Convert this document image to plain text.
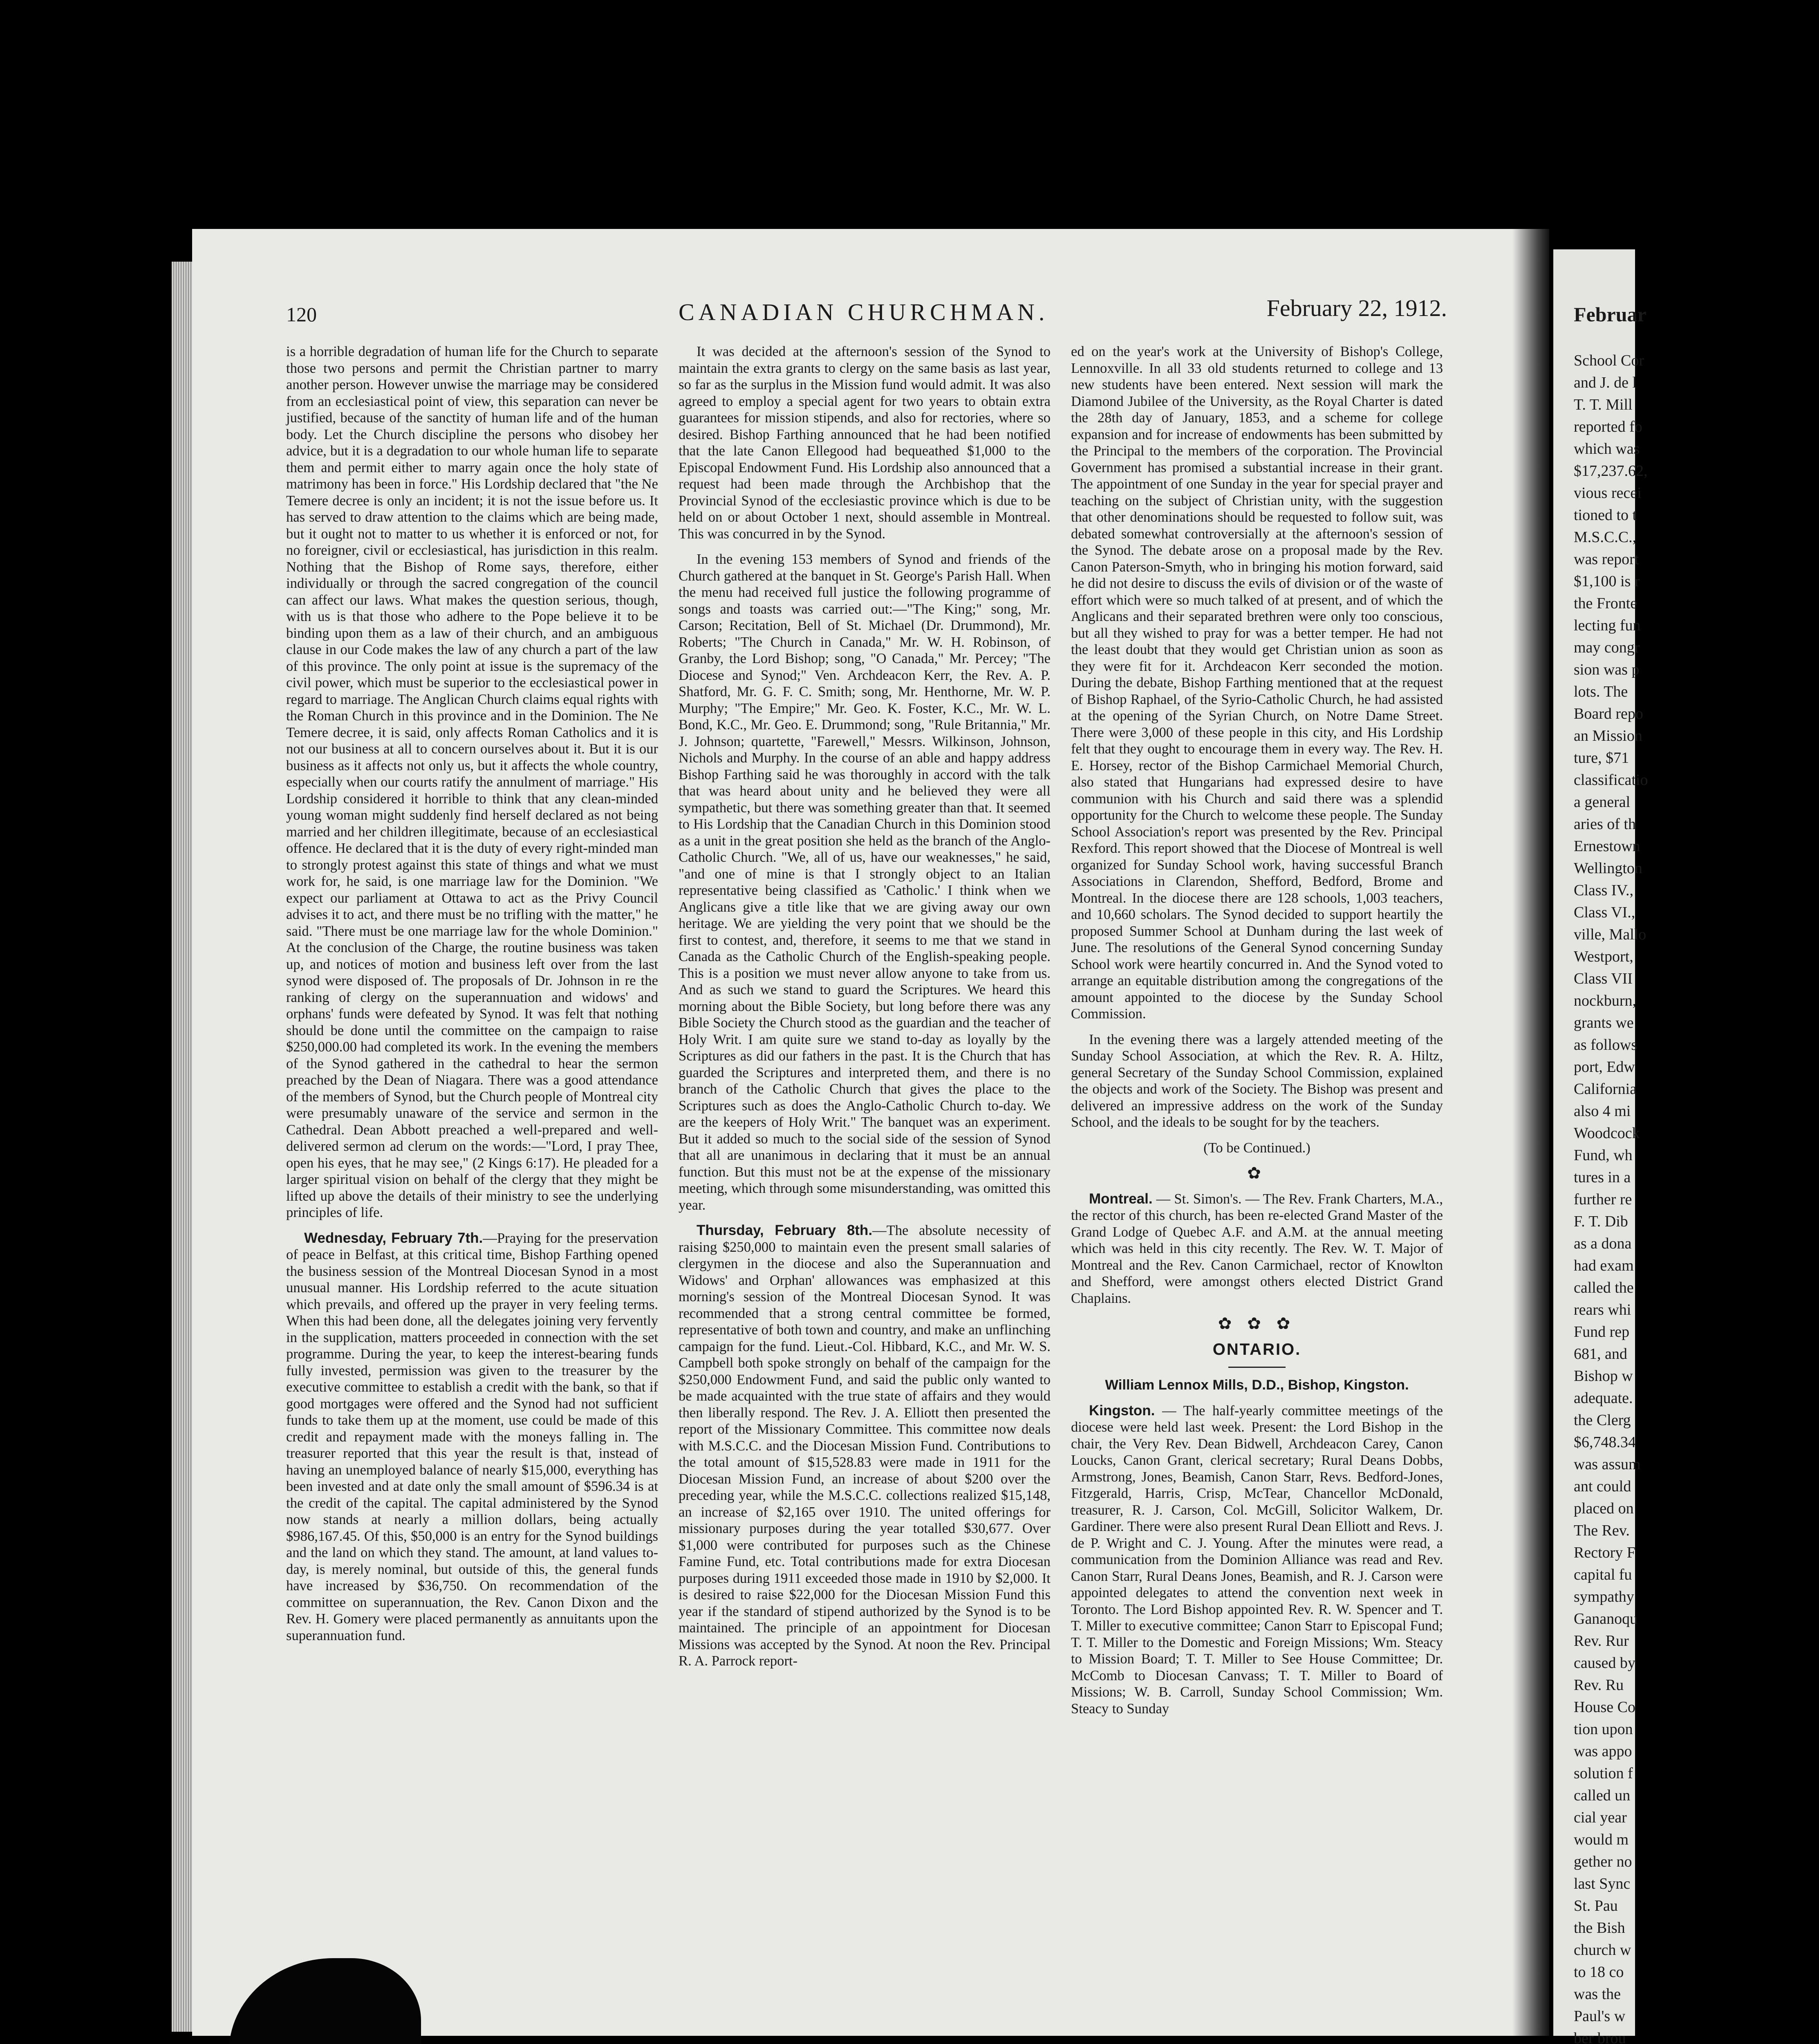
Februar

School Cor

and J. de l

T. T. Mill

reported fo

which was

$17,237.62,

vious recei

tioned to t

M.S.C.C.,

was report

$1,100 is r

the Fronte

lecting fun

may congr

sion was p

lots. The

Board repo

an Mission

ture, $71

classificatio

a general

aries of th

Ernestown

Wellington

Class IV.,

Class VI.,

ville, Mallo

Westport,

Class VII

nockburn,

grants we

as follows

port, Edw

California

also 4 mi

Woodcock

Fund, wh

tures in a

further re

F. T. Dib

as a dona

had exam

called the

rears whi

Fund rep

681, and

Bishop w

adequate.

the Clerg

$6,748.34

was assum

ant could

placed on

The Rev.

Rectory F

capital fu

sympathy

Gananoqu

Rev. Rur

caused by

Rev. Ru

House Co

tion upon

was appo

solution f

called un

cial year

would m

gether no

last Sync

St. Pau

the Bish

church w

to 18 co

was the

Paul's w

ber brou

120	CANADIAN CHURCHMAN.	February 22, 1912.

is a horrible degradation of human life for the Church to separate those two persons and permit the Christian partner to marry another person. However unwise the marriage may be considered from an ecclesiastical point of view, this separation can never be justified, because of the sanctity of human life and of the human body. Let the Church discipline the persons who disobey her advice, but it is a degradation to our whole human life to separate them and permit either to marry again once the holy state of matrimony has been in force." His Lordship declared that "the Ne Temere decree is only an incident; it is not the issue before us. It has served to draw attention to the claims which are being made, but it ought not to matter to us whether it is enforced or not, for no foreigner, civil or ecclesiastical, has jurisdiction in this realm. Nothing that the Bishop of Rome says, therefore, either individually or through the sacred congregation of the council can affect our laws. What makes the question serious, though, with us is that those who adhere to the Pope believe it to be binding upon them as a law of their church, and an ambiguous clause in our Code makes the law of any church a part of the law of this province. The only point at issue is the supremacy of the civil power, which must be superior to the ecclesiastical power in regard to marriage. The Anglican Church claims equal rights with the Roman Church in this province and in the Dominion. The Ne Temere decree, it is said, only affects Roman Catholics and it is not our business at all to concern ourselves about it. But it is our business as it affects not only us, but it affects the whole country, especially when our courts ratify the annulment of marriage." His Lordship considered it horrible to think that any clean-minded young woman might suddenly find herself declared as not being married and her children illegitimate, because of an ecclesiastical offence. He declared that it is the duty of every right-minded man to strongly protest against this state of things and what we must work for, he said, is one marriage law for the Dominion. "We expect our parliament at Ottawa to act as the Privy Council advises it to act, and there must be no trifling with the matter," he said. "There must be one marriage law for the whole Dominion." At the conclusion of the Charge, the routine business was taken up, and notices of motion and business left over from the last synod were disposed of. The proposals of Dr. Johnson in re the ranking of clergy on the superannuation and widows' and orphans' funds were defeated by Synod. It was felt that nothing should be done until the committee on the campaign to raise $250,000.00 had completed its work. In the evening the members of the Synod gathered in the cathedral to hear the sermon preached by the Dean of Niagara. There was a good attendance of the members of Synod, but the Church people of Montreal city were presumably unaware of the service and sermon in the Cathedral. Dean Abbott preached a well-prepared and well-delivered sermon ad clerum on the words:—"Lord, I pray Thee, open his eyes, that he may see," (2 Kings 6:17). He pleaded for a larger spiritual vision on behalf of the clergy that they might be lifted up above the details of their ministry to see the underlying principles of life.

Wednesday, February 7th.—Praying for the preservation of peace in Belfast, at this critical time, Bishop Farthing opened the business session of the Montreal Diocesan Synod in a most unusual manner. His Lordship referred to the acute situation which prevails, and offered up the prayer in very feeling terms. When this had been done, all the delegates joining very fervently in the supplication, matters proceeded in connection with the set programme. During the year, to keep the interest-bearing funds fully invested, permission was given to the treasurer by the executive committee to establish a credit with the bank, so that if good mortgages were offered and the Synod had not sufficient funds to take them up at the moment, use could be made of this credit and repayment made with the moneys falling in. The treasurer reported that this year the result is that, instead of having an unemployed balance of nearly $15,000, everything has been invested and at date only the small amount of $596.34 is at the credit of the capital. The capital administered by the Synod now stands at nearly a million dollars, being actually $986,167.45. Of this, $50,000 is an entry for the Synod buildings and the land on which they stand. The amount, at land values to-day, is merely nominal, but outside of this, the general funds have increased by $36,750. On recommendation of the committee on superannuation, the Rev. Canon Dixon and the Rev. H. Gomery were placed permanently as annuitants upon the superannuation fund.

It was decided at the afternoon's session of the Synod to maintain the extra grants to clergy on the same basis as last year, so far as the surplus in the Mission fund would admit. It was also agreed to employ a special agent for two years to obtain extra guarantees for mission stipends, and also for rectories, where so desired. Bishop Farthing announced that he had been notified that the late Canon Ellegood had bequeathed $1,000 to the Episcopal Endowment Fund. His Lordship also announced that a request had been made through the Archbishop that the Provincial Synod of the ecclesiastic province which is due to be held on or about October 1 next, should assemble in Montreal. This was concurred in by the Synod.

In the evening 153 members of Synod and friends of the Church gathered at the banquet in St. George's Parish Hall. When the menu had received full justice the following programme of songs and toasts was carried out:—"The King;" song, Mr. Carson; Recitation, Bell of St. Michael (Dr. Drummond), Mr. Roberts; "The Church in Canada," Mr. W. H. Robinson, of Granby, the Lord Bishop; song, "O Canada," Mr. Percey; "The Diocese and Synod;" Ven. Archdeacon Kerr, the Rev. A. P. Shatford, Mr. G. F. C. Smith; song, Mr. Henthorne, Mr. W. P. Murphy; "The Empire;" Mr. Geo. K. Foster, K.C., Mr. W. L. Bond, K.C., Mr. Geo. E. Drummond; song, "Rule Britannia," Mr. J. Johnson; quartette, "Farewell," Messrs. Wilkinson, Johnson, Nichols and Murphy. In the course of an able and happy address Bishop Farthing said he was thoroughly in accord with the talk that was heard about unity and he believed they were all sympathetic, but there was something greater than that. It seemed to His Lordship that the Canadian Church in this Dominion stood as a unit in the great position she held as the branch of the Anglo-Catholic Church. "We, all of us, have our weaknesses," he said, "and one of mine is that I strongly object to an Italian representative being classified as 'Catholic.' I think when we Anglicans give a title like that we are giving away our own heritage. We are yielding the very point that we should be the first to contest, and, therefore, it seems to me that we stand in Canada as the Catholic Church of the English-speaking people. This is a position we must never allow anyone to take from us. And as such we stand to guard the Scriptures. We heard this morning about the Bible Society, but long before there was any Bible Society the Church stood as the guardian and the teacher of Holy Writ. I am quite sure we stand to-day as loyally by the Scriptures as did our fathers in the past. It is the Church that has guarded the Scriptures and interpreted them, and there is no branch of the Catholic Church that gives the place to the Scriptures such as does the Anglo-Catholic Church to-day. We are the keepers of Holy Writ." The banquet was an experiment. But it added so much to the social side of the session of Synod that all are unanimous in declaring that it must be an annual function. But this must not be at the expense of the missionary meeting, which through some misunderstanding, was omitted this year.

Thursday, February 8th.—The absolute necessity of raising $250,000 to maintain even the present small salaries of clergymen in the diocese and also the Superannuation and Widows' and Orphan' allowances was emphasized at this morning's session of the Montreal Diocesan Synod. It was recommended that a strong central committee be formed, representative of both town and country, and make an unflinching campaign for the fund. Lieut.-Col. Hibbard, K.C., and Mr. W. S. Campbell both spoke strongly on behalf of the campaign for the $250,000 Endowment Fund, and said the public only wanted to be made acquainted with the true state of affairs and they would then liberally respond. The Rev. J. A. Elliott then presented the report of the Missionary Committee. This committee now deals with M.S.C.C. and the Diocesan Mission Fund. Contributions to the total amount of $15,528.83 were made in 1911 for the Diocesan Mission Fund, an increase of about $200 over the preceding year, while the M.S.C.C. collections realized $15,148, an increase of $2,165 over 1910. The united offerings for missionary purposes during the year totalled $30,677. Over $1,000 were contributed for purposes such as the Chinese Famine Fund, etc. Total contributions made for extra Diocesan purposes during 1911 exceeded those made in 1910 by $2,000. It is desired to raise $22,000 for the Diocesan Mission Fund this year if the standard of stipend authorized by the Synod is to be maintained. The principle of an appointment for Diocesan Missions was accepted by the Synod. At noon the Rev. Principal R. A. Parrock report-

ed on the year's work at the University of Bishop's College, Lennoxville. In all 33 old students returned to college and 13 new students have been entered. Next session will mark the Diamond Jubilee of the University, as the Royal Charter is dated the 28th day of January, 1853, and a scheme for college expansion and for increase of endowments has been submitted by the Principal to the members of the corporation. The Provincial Government has promised a substantial increase in their grant. The appointment of one Sunday in the year for special prayer and teaching on the subject of Christian unity, with the suggestion that other denominations should be requested to follow suit, was debated somewhat controversially at the afternoon's session of the Synod. The debate arose on a proposal made by the Rev. Canon Paterson-Smyth, who in bringing his motion forward, said he did not desire to discuss the evils of division or of the waste of effort which were so much talked of at present, and of which the Anglicans and their separated brethren were only too conscious, but all they wished to pray for was a better temper. He had not the least doubt that they would get Christian union as soon as they were fit for it. Archdeacon Kerr seconded the motion. During the debate, Bishop Farthing mentioned that at the request of Bishop Raphael, of the Syrio-Catholic Church, he had assisted at the opening of the Syrian Church, on Notre Dame Street. There were 3,000 of these people in this city, and His Lordship felt that they ought to encourage them in every way. The Rev. H. E. Horsey, rector of the Bishop Carmichael Memorial Church, also stated that Hungarians had expressed desire to have communion with his Church and said there was a splendid opportunity for the Church to welcome these people. The Sunday School Association's report was presented by the Rev. Principal Rexford. This report showed that the Diocese of Montreal is well organized for Sunday School work, having successful Branch Associations in Clarendon, Shefford, Bedford, Brome and Montreal. In the diocese there are 128 schools, 1,003 teachers, and 10,660 scholars. The Synod decided to support heartily the proposed Summer School at Dunham during the last week of June. The resolutions of the General Synod concerning Sunday School work were heartily concurred in. And the Synod voted to arrange an equitable distribution among the congregations of the amount appointed to the diocese by the Sunday School Commission.

In the evening there was a largely attended meeting of the Sunday School Association, at which the Rev. R. A. Hiltz, general Secretary of the Sunday School Commission, explained the objects and work of the Society. The Bishop was present and delivered an impressive address on the work of the Sunday School, and the ideals to be sought for by the teachers.

(To be Continued.)

✿

Montreal. — St. Simon's. — The Rev. Frank Charters, M.A., the rector of this church, has been re-elected Grand Master of the Grand Lodge of Quebec A.F. and A.M. at the annual meeting which was held in this city recently. The Rev. W. T. Major of Montreal and the Rev. Canon Carmichael, rector of Knowlton and Shefford, were amongst others elected District Grand Chaplains.

✿ ✿ ✿

ONTARIO.

William Lennox Mills, D.D., Bishop, Kingston.

Kingston. — The half-yearly committee meetings of the diocese were held last week. Present: the Lord Bishop in the chair, the Very Rev. Dean Bidwell, Archdeacon Carey, Canon Loucks, Canon Grant, clerical secretary; Rural Deans Dobbs, Armstrong, Jones, Beamish, Canon Starr, Revs. Bedford-Jones, Fitzgerald, Harris, Crisp, McTear, Chancellor McDonald, treasurer, R. J. Carson, Col. McGill, Solicitor Walkem, Dr. Gardiner. There were also present Rural Dean Elliott and Revs. J. de P. Wright and C. J. Young. After the minutes were read, a communication from the Dominion Alliance was read and Rev. Canon Starr, Rural Deans Jones, Beamish, and R. J. Carson were appointed delegates to attend the convention next week in Toronto. The Lord Bishop appointed Rev. R. W. Spencer and T. T. Miller to executive committee; Canon Starr to Episcopal Fund; T. T. Miller to the Domestic and Foreign Missions; Wm. Steacy to Mission Board; T. T. Miller to See House Committee; Dr. McComb to Diocesan Canvass; T. T. Miller to Board of Missions; W. B. Carroll, Sunday School Commission; Wm. Steacy to Sunday
